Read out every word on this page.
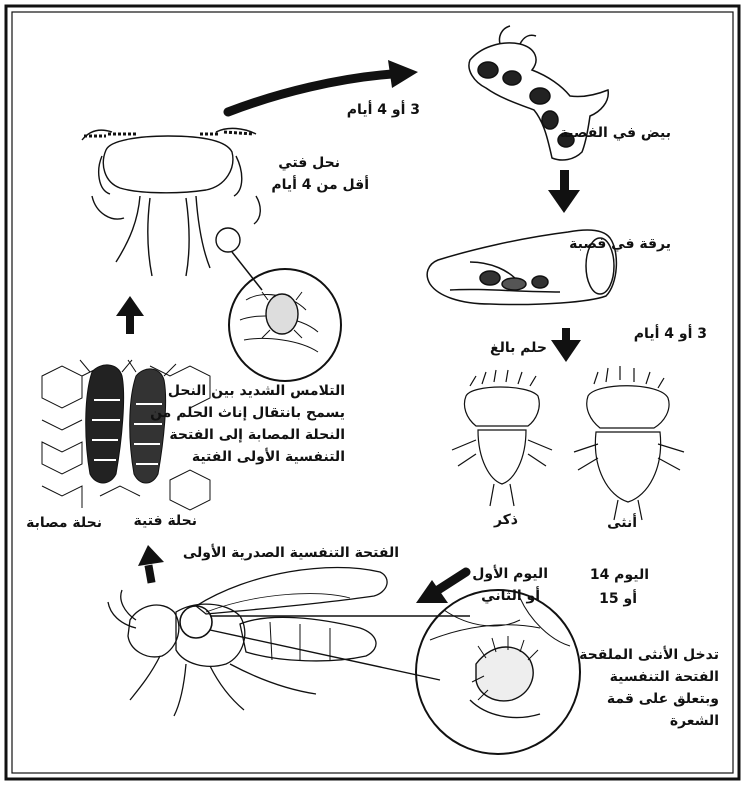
3 أو 4 أيام
بيض في الفصبة
يرقة في فصبة
3 أو 4 أيام
حلم بالغ
ذكر	أنثى
نحل فتي
أقل من 4 أيام
التلامس الشديد بين النحل
يسمح بانتقال إناث الحلم من
النحلة المصابة إلى الفتحة
التنفسية الأولى الفتية
نحلة فتية
نحلة مصابة
الفتحة التنفسية الصدرية الأولى
اليوم الأول
أو الثاني
اليوم 14
أو 15
تدخل الأنثى الملقحة
الفتحة التنفسية
وبتعلق على قمة
الشعرة
